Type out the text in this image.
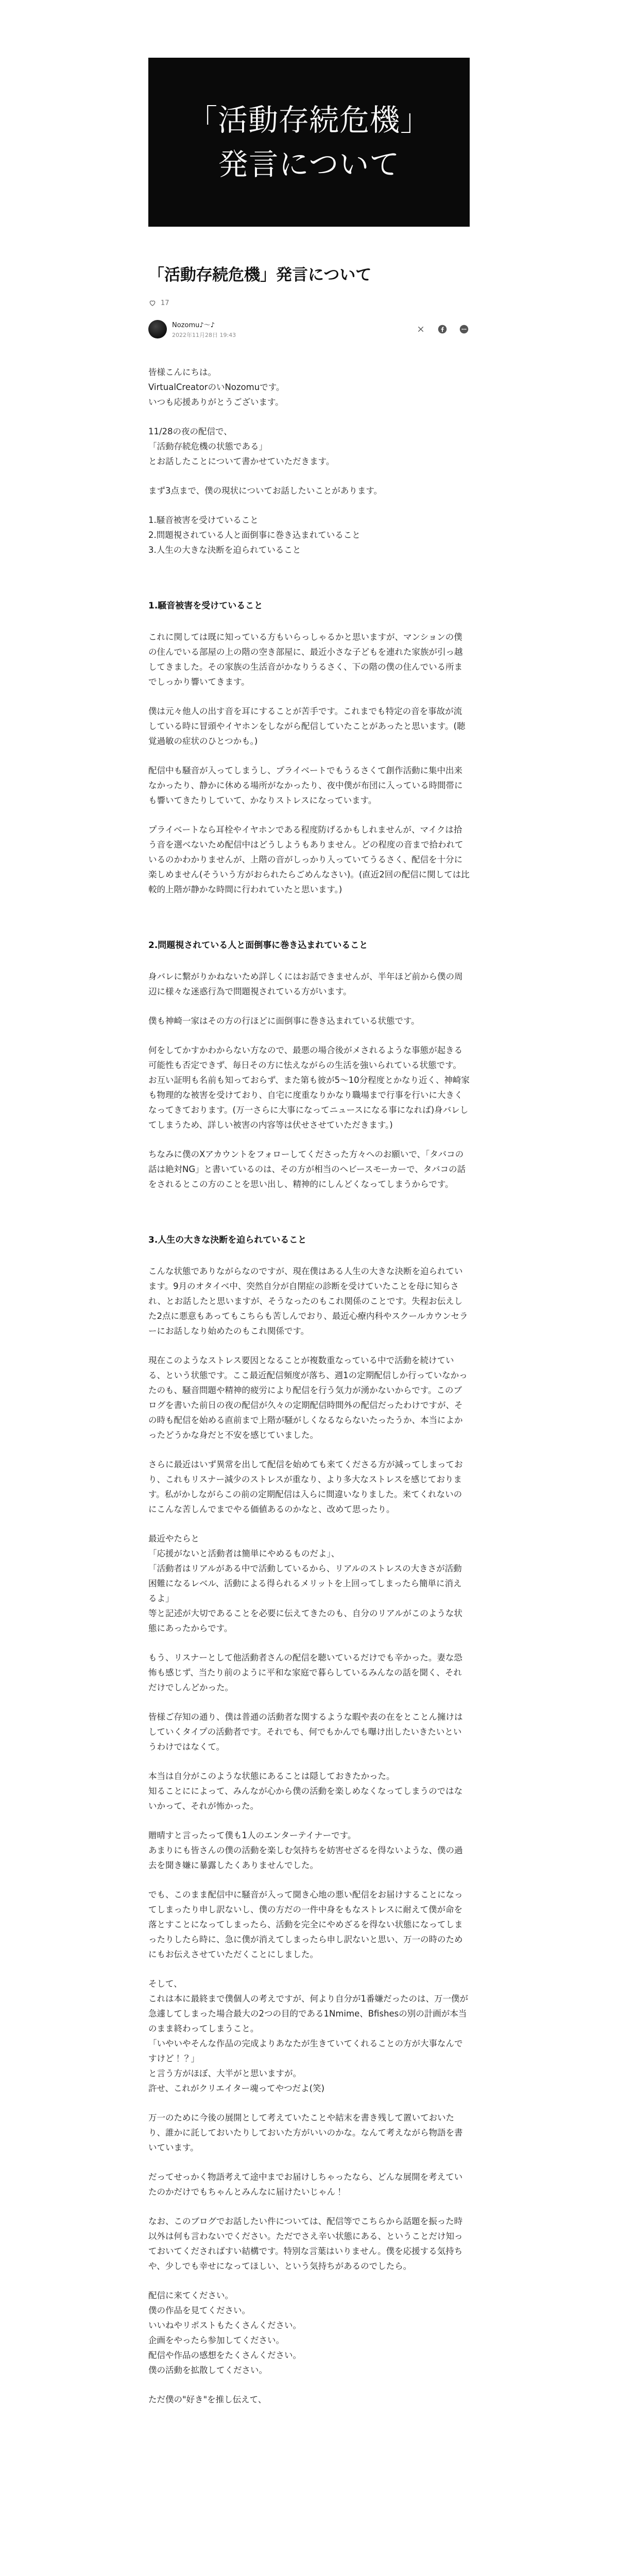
「活動存続危機」
発言について
「活動存続危機」発言について
17
Nozomu♪～♪
2022年11月28日 19:43

皆様こんにちは。
VirtualCreatorのいNozomuです。
いつも応援ありがとうございます。

11/28の夜の配信で、
「活動存続危機の状態である」
とお話したことについて書かせていただきます。

まず3点まで、僕の現状についてお話したいことがあります。

1.騒音被害を受けていること
2.問題視されている人と面倒事に巻き込まれていること
3.人生の大きな決断を迫られていること

1.騒音被害を受けていること

これに関しては既に知っている方もいらっしゃるかと思いますが、マンションの僕の住んでいる部屋の上の階の空き部屋に、最近小さな子どもを連れた家族が引っ越してきました。その家族の生活音がかなりうるさく、下の階の僕の住んでいる所までしっかり響いてきます。

僕は元々他人の出す音を耳にすることが苦手です。これまでも特定の音を事故が流している時に冒頭やイヤホンをしながら配信していたことがあったと思います。(聴覚過敏の症状のひとつかも。)

配信中も騒音が入ってしまうし、プライベートでもうるさくて創作活動に集中出来なかったり、静かに休める場所がなかったり、夜中僕が布団に入っている時間帯にも響いてきたりしていて、かなりストレスになっています。

プライベートなら耳栓やイヤホンである程度防げるかもしれませんが、マイクは拾う音を選べないため配信中はどうしようもありません。どの程度の音まで拾われているのかわかりませんが、上階の音がしっかり入っていてうるさく、配信を十分に楽しめません(そういう方がおられたらごめんなさい)。(直近2回の配信に関しては比較的上階が静かな時間に行われていたと思います。)

2.問題視されている人と面倒事に巻き込まれていること

身バレに繋がりかねないため詳しくにはお話できませんが、半年ほど前から僕の周辺に様々な迷惑行為で問題視されている方がいます。

僕も神崎一家はその方の行ほどに面倒事に巻き込まれている状態です。

何をしてかすかわからない方なので、最悪の場合後がメされるような事態が起きる可能性も否定できず、毎日その方に怯えながらの生活を強いられている状態です。お互い証明も名前も知っておらず、また第も彼が5〜10分程度とかなり近く、神崎家も物理的な被害を受けており、自宅に度重なりかなり職場まで行事を行いに大きくなってきております。(万一さらに大事になってニュースになる事になれば)身バレしてしまうため、詳しい被害の内容等は伏せさせていただきます。)

ちなみに僕のXアカウントをフォローしてくださった方々へのお願いで、「タバコの話は絶対NG」と書いているのは、その方が相当のヘビースモーカーで、タバコの話をされるとこの方のことを思い出し、精神的にしんどくなってしまうからです。

3.人生の大きな決断を迫られていること

こんな状態でありながらなのですが、現在僕はある人生の大きな決断を迫られています。9月のオタイベ中、突然自分が自閉症の診断を受けていたことを母に知らされ、とお話したと思いますが、そうなったのもこれ関係のことです。失程お伝えした2点に悪意もあってもこちらも苦しんでおり、最近心療内科やスクールカウンセラーにお話しなり始めたのもこれ関係です。

現在このようなストレス要因となることが複数重なっている中で活動を続けている、という状態です。ここ最近配信頻度が落ち、週1の定期配信しか行っていなかったのも、騒音問題や精神的疲労により配信を行う気力が湧かないからです。このブログを書いた前日の夜の配信が久々の定期配信時間外の配信だったわけですが、その時も配信を始める直前まで上階が騒がしくなるならないたったうか、本当によかったどうかな身だと不安を感じていました。

さらに最近はいず異常を出して配信を始めても来てくださる方が減ってしまっており、これもリスナー減少のストレスが重なり、より多大なストレスを感じております。私がかしながらこの前の定期配信は入らに間違いなりました。来てくれないのにこんな苦しんでまでやる価値あるのかなと、改めて思ったり。

最近やたらと
「応援がないと活動者は簡単にやめるものだよ」、
「活動者はリアルがある中で活動しているから、リアルのストレスの大きさが活動困難になるレベル、活動による得られるメリットを上回ってしまったら簡単に消えるよ」
等と記述が大切であることを必要に伝えてきたのも、自分のリアルがこのような状態にあったからです。

もう、リスナーとして他活動者さんの配信を聴いているだけでも辛かった。妻な恐怖も感じず、当たり前のように平和な家庭で暮らしているみんなの話を聞く、それだけでしんどかった。

皆様ご存知の通り、僕は普通の活動者な関するような暇や表の在をとことん擁けはしていくタイプの活動者です。それでも、何でもかんでも曝け出したいきたいというわけではなくて。

本当は自分がこのような状態にあることは隠しておきたかった。
知ることにによって、みんなが心から僕の活動を楽しめなくなってしまうのではないかって、それが怖かった。

贈晴すと言ったって僕も1人のエンターテイナーです。
あまりにも皆さんの僕の活動を楽しむ気持ちを妨害せざるを得ないような、僕の過去を聞き嫌に暴露したくありませんでした。

でも、このまま配信中に騒音が入って聞き心地の悪い配信をお届けすることになってしまったり申し訳ないし、僕の方だの一件中身をもなストレスに耐えて僕が命を落とすことになってしまったら、活動を完全にやめざるを得ない状態になってしまったりしたら時に、急に僕が消えてしまったら申し訳ないと思い、万一の時のためにもお伝えさせていただくことにしました。

そして、
これは本に最終まで僕個人の考えですが、何より自分が1番嫌だったのは、万一僕が急遽してしまった場合最大の2つの目的である1Nmime、Bfishesの別の計画が本当のまま終わってしまうこと。
「いやいやそんな作品の完成よりあなたが生きていてくれることの方が大事なんですけど！？」
と言う方がほぼ、大半がと思いますが。
許せ、これがクリエイター魂ってやつだよ(笑)

万一のために今後の展開として考えていたことや結末を書き残して置いておいたり、誰かに託しておいたりしておいた方がいいのかな。なんて考えながら物語を書いています。

だってせっかく物語考えて途中までお届けしちゃったなら、どんな展開を考えていたのかだけでもちゃんとみんなに届けたいじゃん！

なお、このブログでお話したい件については、配信等でこちらから話題を振った時以外は何も言わないでください。ただでさえ辛い状態にある、ということだけ知っておいてくださればすい結構です。特別な言葉はいりません。僕を応援する気持ちや、少しでも幸せになってほしい、という気持ちがあるのでしたら。

配信に来てください。
僕の作品を見てください。
いいねやリポストもたくさんください。
企画をやったら参加してください。
配信や作品の感想をたくさんください。
僕の活動を拡散してください。

ただ僕の"好き"を推し伝えて、
